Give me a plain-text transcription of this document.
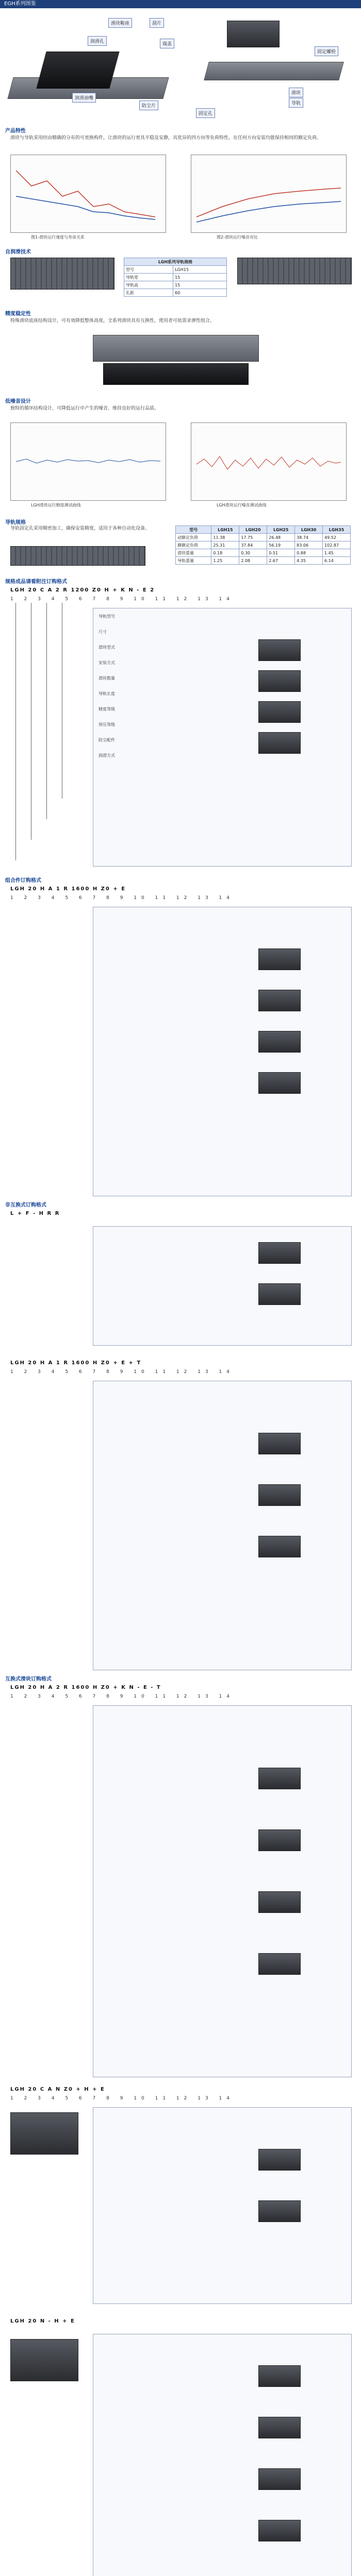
EGH系列图鉴
滑块鞍座	刮片
润滑孔	端盖
润滑油嘴
防尘片
固定孔
滑块
导轨
固定螺栓
产品特性
滑块与导轨采用经由精确的分布的可更换构件，让滑块的运行更具平稳及安静，具优异的四方向等负荷特性，在任何方向安装均能保持相同的额定负荷。
图1-滑块运行速度与寿命关系	图2-滑块运行噪音对比
自润滑技术
LGH系列导轨规格	
型号	LGH15
导轨宽	15
导轨高	15
孔距	60
精度稳定性
特殊滑块底座结构设计，可有效降低整体高度，全系列滑块具有互换性，使用者可依需求弹性组合。
低噪音设计
独特的循环结构设计，可降低运行中产生的噪音，维持良好的运行品质。
LGH滑块运行精度测试曲线	LGH滑块运行噪音测试曲线
导轨规格
导轨固定孔采用精密加工，确保安装精度，适用于各种自动化设备。	型号	LGH15	LGH20	LGH25	LGH30	LGH35
动额定负荷	11.38	17.75	26.48	38.74	49.52
静额定负荷	25.31	37.84	56.19	83.06	102.87
滑块重量	0.18	0.30	0.51	0.88	1.45
导轨重量	1.25	2.08	2.67	4.35	6.14
规格成品请看附注订购格式
LGH 20 C A 2 R 1200 Z0 H + K N - E 2
1 2 3 4 5 6 7 8 9 10 11 12 13 14
导轨型号
尺寸
滑块型式
安装方式
滑块数量
导轨长度
精度等级
预压等级
防尘配件
润滑方式
组合件订购格式
LGH 20 H A 1 R 1600 H Z0 + E
1 2 3 4 5 6 7 8 9 10 11 12 13 14
非互换式订购格式
L + F - H R R
LGH 20 H A 1 R 1600 H Z0 + E + T
1 2 3 4 5 6 7 8 9 10 11 12 13 14
互换式滑块订购格式
LGH 20 H A 2 R 1600 H Z0 + K N - E - T
1 2 3 4 5 6 7 8 9 10 11 12 13 14
LGH 20 C A N Z0 + H + E
1 2 3 4 5 6 7 8 9 10 11 12 13 14
LGH 20 N - H + E
